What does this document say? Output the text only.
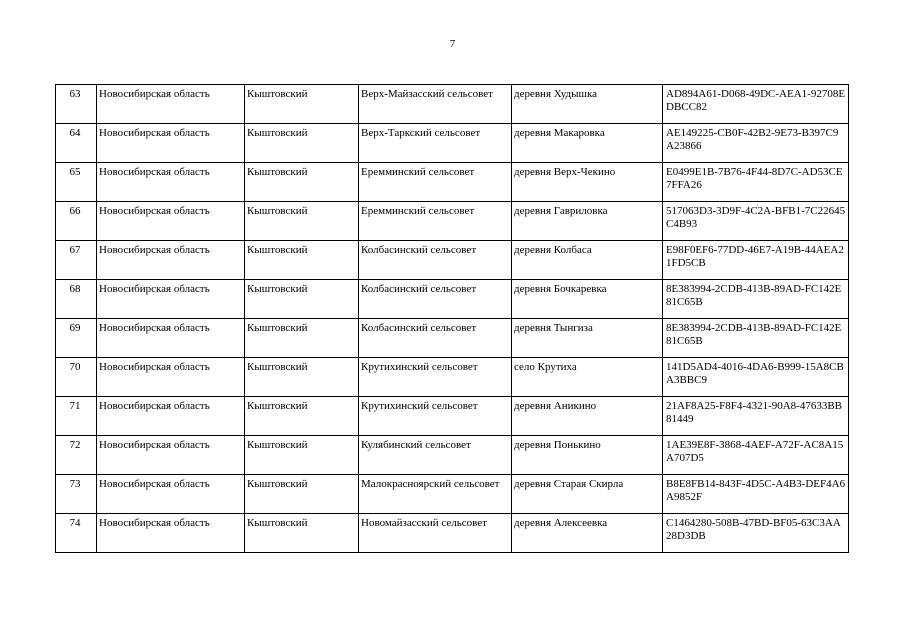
7
63	Новосибирская область	Кыштовский	Верх-Майзасский сельсовет	деревня Худышка	AD894A61-D068-49DC-AEA1-92708EDBCC82
64	Новосибирская область	Кыштовский	Верх-Таркский сельсовет	деревня Макаровка	AE149225-CB0F-42B2-9E73-B397C9A23866
65	Новосибирская область	Кыштовский	Еремминский сельсовет	деревня Верх-Чекино	E0499E1B-7B76-4F44-8D7C-AD53CE7FFA26
66	Новосибирская область	Кыштовский	Еремминский сельсовет	деревня Гавриловка	517063D3-3D9F-4C2A-BFB1-7C22645C4B93
67	Новосибирская область	Кыштовский	Колбасинский сельсовет	деревня Колбаса	E98F0EF6-77DD-46E7-A19B-44AEA21FD5CB
68	Новосибирская область	Кыштовский	Колбасинский сельсовет	деревня Бочкаревка	8E383994-2CDB-413B-89AD-FC142E81C65B
69	Новосибирская область	Кыштовский	Колбасинский сельсовет	деревня Тынгиза	8E383994-2CDB-413B-89AD-FC142E81C65B
70	Новосибирская область	Кыштовский	Крутихинский сельсовет	село Крутиха	141D5AD4-4016-4DA6-B999-15A8CBA3BBC9
71	Новосибирская область	Кыштовский	Крутихинский сельсовет	деревня Аникино	21AF8A25-F8F4-4321-90A8-47633BB81449
72	Новосибирская область	Кыштовский	Кулябинский сельсовет	деревня Понькино	1AE39E8F-3868-4AEF-A72F-AC8A15A707D5
73	Новосибирская область	Кыштовский	Малокрасноярский сельсовет	деревня Старая Скирла	B8E8FB14-843F-4D5C-A4B3-DEF4A6A9852F
74	Новосибирская область	Кыштовский	Новомайзасский сельсовет	деревня Алексеевка	C1464280-508B-47BD-BF05-63C3AA28D3DB
